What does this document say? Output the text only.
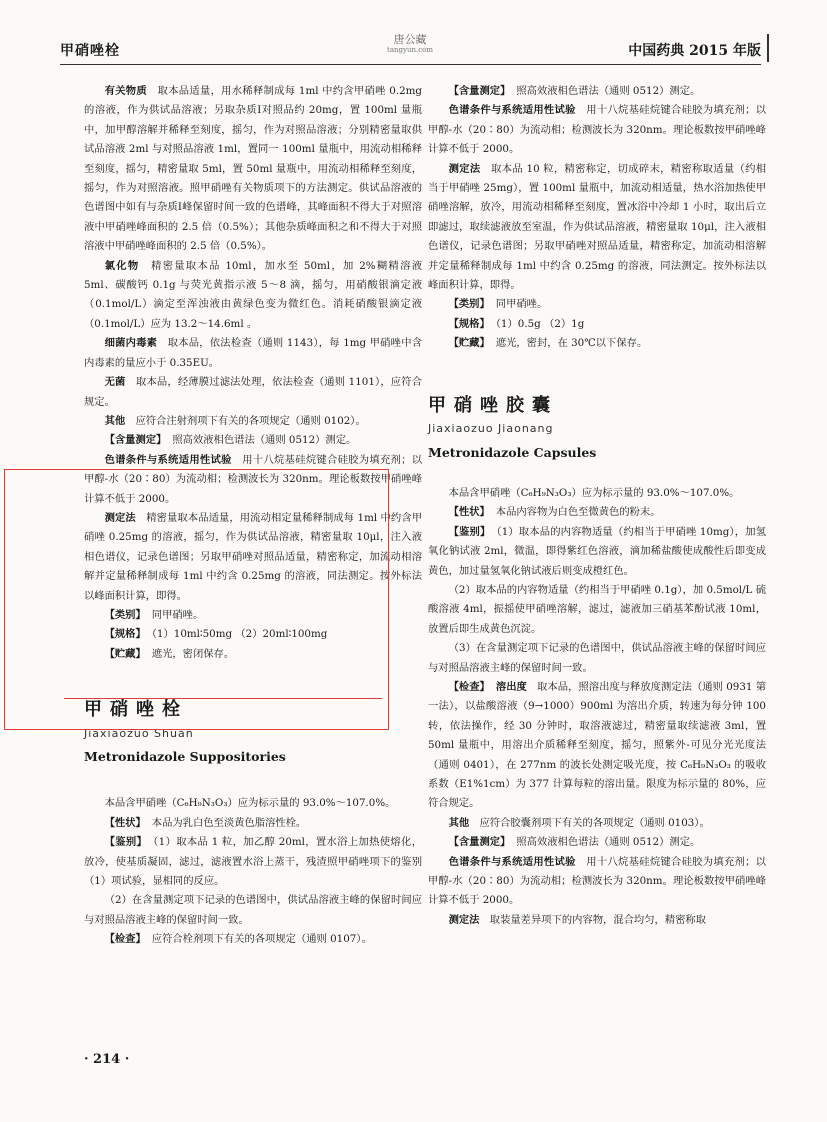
甲硝唑栓
唐公藏
tangyun.com	中国药典 2015 年版

有关物质　 取本品适量，用水稀释制成每 1ml 中约含甲硝唑 0.2mg 的溶液，作为供试品溶液；另取杂质Ⅰ对照品约 20mg，置 100ml 量瓶中，加甲醇溶解并稀释至刻度，摇匀，作为对照品溶液；分别精密量取供试品溶液 2ml 与对照品溶液 1ml，置同一 100ml 量瓶中，用流动相稀释至刻度，摇匀，精密量取 5ml，置 50ml 量瓶中，用流动相稀释至刻度，摇匀，作为对照溶液。照甲硝唑有关物质项下的方法测定。供试品溶液的色谱图中如有与杂质Ⅰ峰保留时间一致的色谱峰，其峰面积不得大于对照溶液中甲硝唑峰面积的 2.5 倍（0.5%）；其他杂质峰面积之和不得大于对照溶液中甲硝唑峰面积的 2.5 倍（0.5%）。

氯化物　 精密量取本品 10ml，加水至 50ml，加 2%糊精溶液 5ml、碳酸钙 0.1g 与荧光黄指示液 5～8 滴，摇匀，用硝酸银滴定液（0.1mol/L）滴定至浑浊液由黄绿色变为微红色。消耗硝酸银滴定液（0.1mol/L）应为 13.2～14.6ml 。

细菌内毒素　 取本品，依法检查（通则 1143），每 1mg 甲硝唑中含内毒素的量应小于 0.35EU。

无菌　 取本品，经薄膜过滤法处理，依法检查（通则 1101），应符合规定。

其他　 应符合注射剂项下有关的各项规定（通则 0102）。

【含量测定】 照高效液相色谱法（通则 0512）测定。

色谱条件与系统适用性试验　 用十八烷基硅烷键合硅胶为填充剂；以甲醇-水（20∶80）为流动相；检测波长为 320nm。理论板数按甲硝唑峰计算不低于 2000。

测定法　 精密量取本品适量，用流动相定量稀释制成每 1ml 中约含甲硝唑 0.25mg 的溶液，摇匀，作为供试品溶液，精密量取 10μl，注入液相色谱仪，记录色谱图；另取甲硝唑对照品适量，精密称定，加流动相溶解并定量稀释制成每 1ml 中约含 0.25mg 的溶液，同法测定。按外标法以峰面积计算，即得。

【类别】 同甲硝唑。

【规格】 （1）10ml∶50mg （2）20ml∶100mg

【贮藏】 遮光，密闭保存。

甲硝唑栓

Jiaxiaozuo Shuan

Metronidazole Suppositories

本品含甲硝唑（C₆H₉N₃O₃）应为标示量的 93.0%～107.0%。

【性状】 本品为乳白色至淡黄色脂溶性栓。

【鉴别】 （1）取本品 1 粒，加乙醇 20ml，置水浴上加热使熔化，放冷，使基质凝固，滤过，滤液置水浴上蒸干，残渣照甲硝唑项下的鉴别（1）项试验，显相同的反应。

（2）在含量测定项下记录的色谱图中，供试品溶液主峰的保留时间应与对照品溶液主峰的保留时间一致。

【检查】 应符合栓剂项下有关的各项规定（通则 0107）。

【含量测定】 照高效液相色谱法（通则 0512）测定。

色谱条件与系统适用性试验　 用十八烷基硅烷键合硅胶为填充剂；以甲醇-水（20∶80）为流动相；检测波长为 320nm。理论板数按甲硝唑峰计算不低于 2000。

测定法　 取本品 10 粒，精密称定，切成碎末，精密称取适量（约相当于甲硝唑 25mg），置 100ml 量瓶中，加流动相适量，热水浴加热使甲硝唑溶解，放冷，用流动相稀释至刻度，置冰浴中冷却 1 小时，取出后立即滤过，取续滤液放至室温，作为供试品溶液，精密量取 10μl，注入液相色谱仪，记录色谱图；另取甲硝唑对照品适量，精密称定，加流动相溶解并定量稀释制成每 1ml 中约含 0.25mg 的溶液，同法测定。按外标法以峰面积计算，即得。

【类别】 同甲硝唑。

【规格】 （1）0.5g （2）1g

【贮藏】 遮光，密封，在 30℃以下保存。

甲硝唑胶囊

Jiaxiaozuo Jiaonang

Metronidazole Capsules

本品含甲硝唑（C₆H₉N₃O₃）应为标示量的 93.0%～107.0%。

【性状】 本品内容物为白色至微黄色的粉末。

【鉴别】 （1）取本品的内容物适量（约相当于甲硝唑 10mg），加氢氧化钠试液 2ml，微温，即得紫红色溶液，滴加稀盐酸使成酸性后即变成黄色，加过量氢氧化钠试液后则变成橙红色。

（2）取本品的内容物适量（约相当于甲硝唑 0.1g），加 0.5mol/L 硫酸溶液 4ml，振摇使甲硝唑溶解，滤过，滤液加三硝基苯酚试液 10ml，放置后即生成黄色沉淀。

（3）在含量测定项下记录的色谱图中，供试品溶液主峰的保留时间应与对照品溶液主峰的保留时间一致。

【检查】 溶出度　 取本品，照溶出度与释放度测定法（通则 0931 第一法），以盐酸溶液（9→1000）900ml 为溶出介质，转速为每分钟 100 转，依法操作，经 30 分钟时，取溶液滤过，精密量取续滤液 3ml，置 50ml 量瓶中，用溶出介质稀释至刻度，摇匀，照紫外-可见分光光度法（通则 0401），在 277nm 的波长处测定吸光度，按 C₆H₉N₃O₃ 的吸收系数（E1%1cm）为 377 计算每粒的溶出量。限度为标示量的 80%，应符合规定。

其他　 应符合胶囊剂项下有关的各项规定（通则 0103）。

【含量测定】 照高效液相色谱法（通则 0512）测定。

色谱条件与系统适用性试验　 用十八烷基硅烷键合硅胶为填充剂；以甲醇-水（20∶80）为流动相；检测波长为 320nm。理论板数按甲硝唑峰计算不低于 2000。

测定法　 取装量差异项下的内容物，混合均匀，精密称取

· 214 ·
